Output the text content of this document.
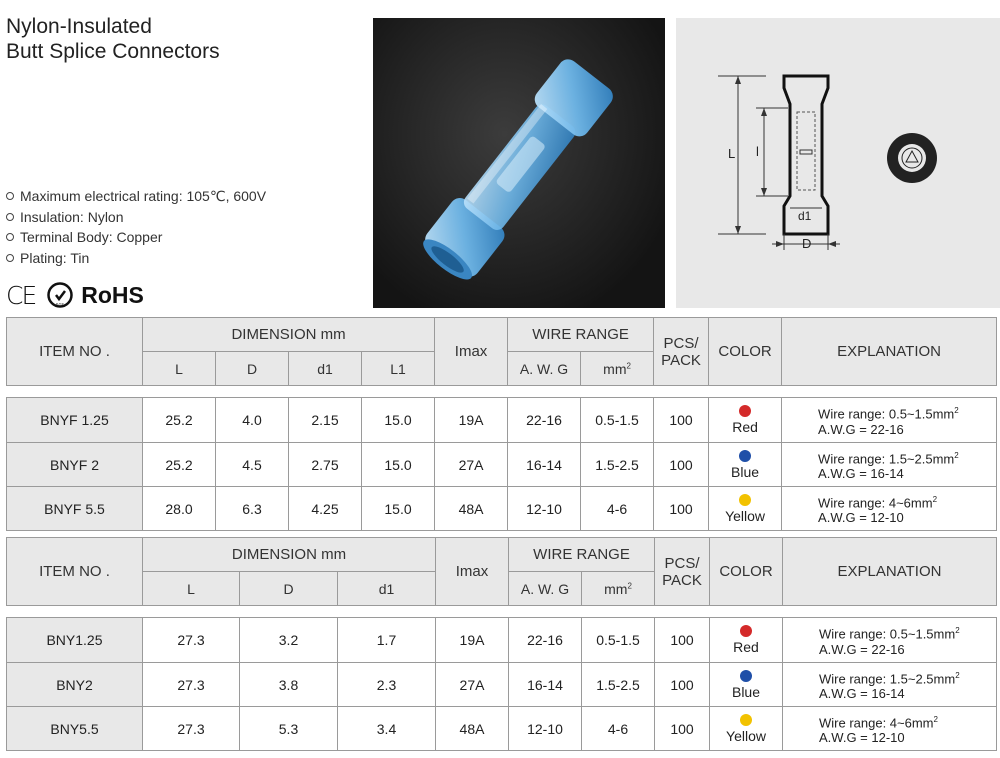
Nylon-Insulated
Butt Splice Connectors
Maximum electrical rating: 105℃, 600V
Insulation: Nylon
Terminal Body: Copper
Plating: Tin
CE	SGS RoHS
L l
d1
D
ITEM NO .	DIMENSION mm				Imax	WIRE RANGE		PCS/
PACK	COLOR	EXPLANATION
	L	D	d1	L1		A. W. G	$mm^2$

BNYF 1.25	25.2	4.0	2.15	15.0	19A	22-16	0.5-1.5	100	Red	Wire range: $0.5\sim 1.5mm^2$
A.W.G = 22-16
BNYF 2	25.2	4.5	2.75	15.0	27A	16-14	1.5-2.5	100	Blue	Wire range: $1.5\sim 2.5mm^2$
A.W.G = 16-14
BNYF 5.5	28.0	6.3	4.25	15.0	48A	12-10	4-6	100	Yellow	Wire range: $4\sim 6mm^2$
A.W.G = 12-10
ITEM NO .	DIMENSION mm			Imax	WIRE RANGE		PCS/
PACK	COLOR	EXPLANATION
	L	D	d1		A. W. G	$mm^2$

BNY1.25	27.3	3.2	1.7	19A	22-16	0.5-1.5	100	Red	Wire range: $0.5\sim 1.5mm^2$
A.W.G = 22-16
BNY2	27.3	3.8	2.3	27A	16-14	1.5-2.5	100	Blue	Wire range: $1.5\sim 2.5mm^2$
A.W.G = 16-14
BNY5.5	27.3	5.3	3.4	48A	12-10	4-6	100	Yellow	Wire range: $4\sim 6mm^2$
A.W.G = 12-10
